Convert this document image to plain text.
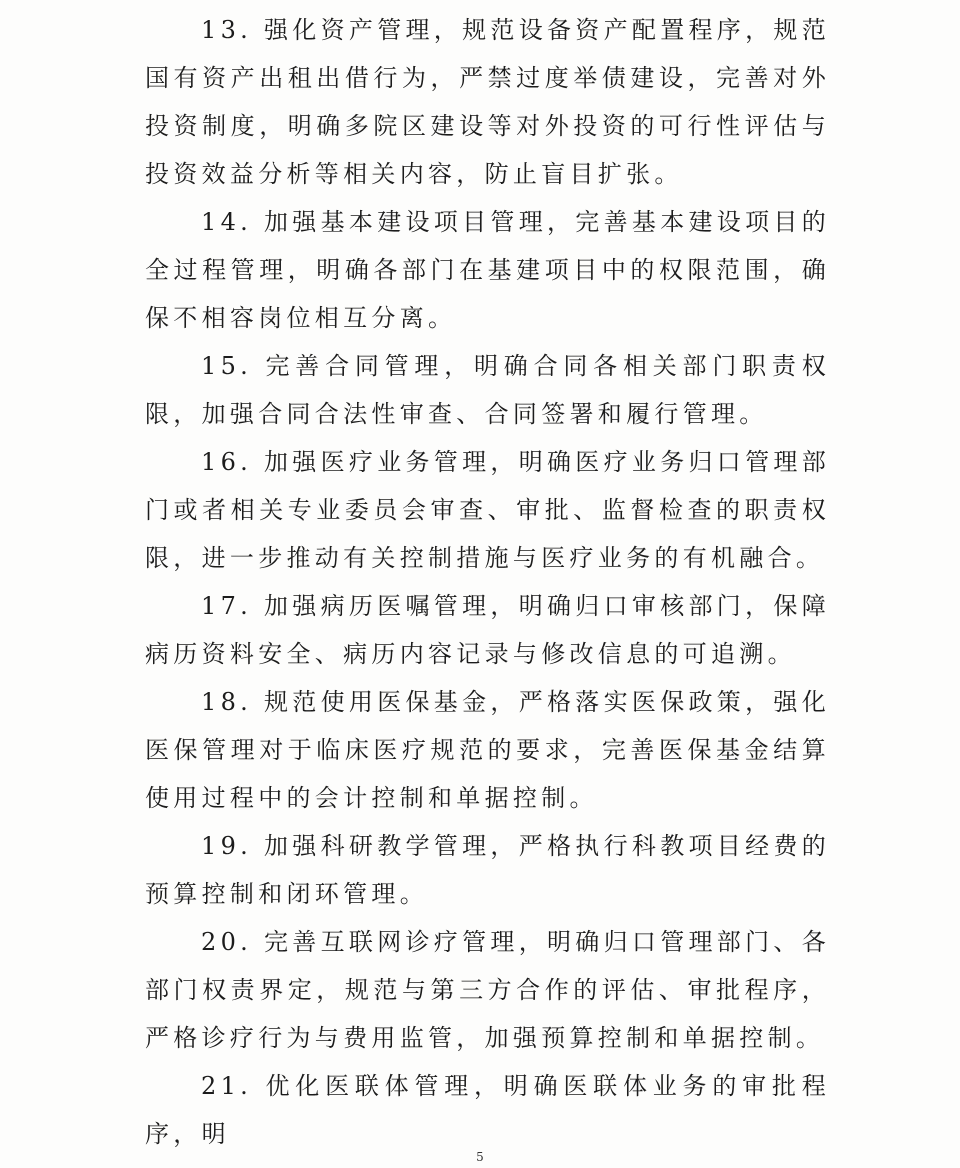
13. 强化资产管理，规范设备资产配置程序，规范国有资产出租出借行为，严禁过度举债建设，完善对外投资制度，明确多院区建设等对外投资的可行性评估与投资效益分析等相关内容，防止盲目扩张。

14. 加强基本建设项目管理，完善基本建设项目的全过程管理，明确各部门在基建项目中的权限范围，确保不相容岗位相互分离。

15. 完善合同管理，明确合同各相关部门职责权限，加强合同合法性审查、合同签署和履行管理。

16. 加强医疗业务管理，明确医疗业务归口管理部门或者相关专业委员会审查、审批、监督检查的职责权限，进一步推动有关控制措施与医疗业务的有机融合。

17. 加强病历医嘱管理，明确归口审核部门，保障病历资料安全、病历内容记录与修改信息的可追溯。

18. 规范使用医保基金，严格落实医保政策，强化医保管理对于临床医疗规范的要求，完善医保基金结算使用过程中的会计控制和单据控制。

19. 加强科研教学管理，严格执行科教项目经费的预算控制和闭环管理。

20. 完善互联网诊疗管理，明确归口管理部门、各部门权责界定，规范与第三方合作的评估、审批程序，严格诊疗行为与费用监管，加强预算控制和单据控制。

21. 优化医联体管理，明确医联体业务的审批程序，明

5
